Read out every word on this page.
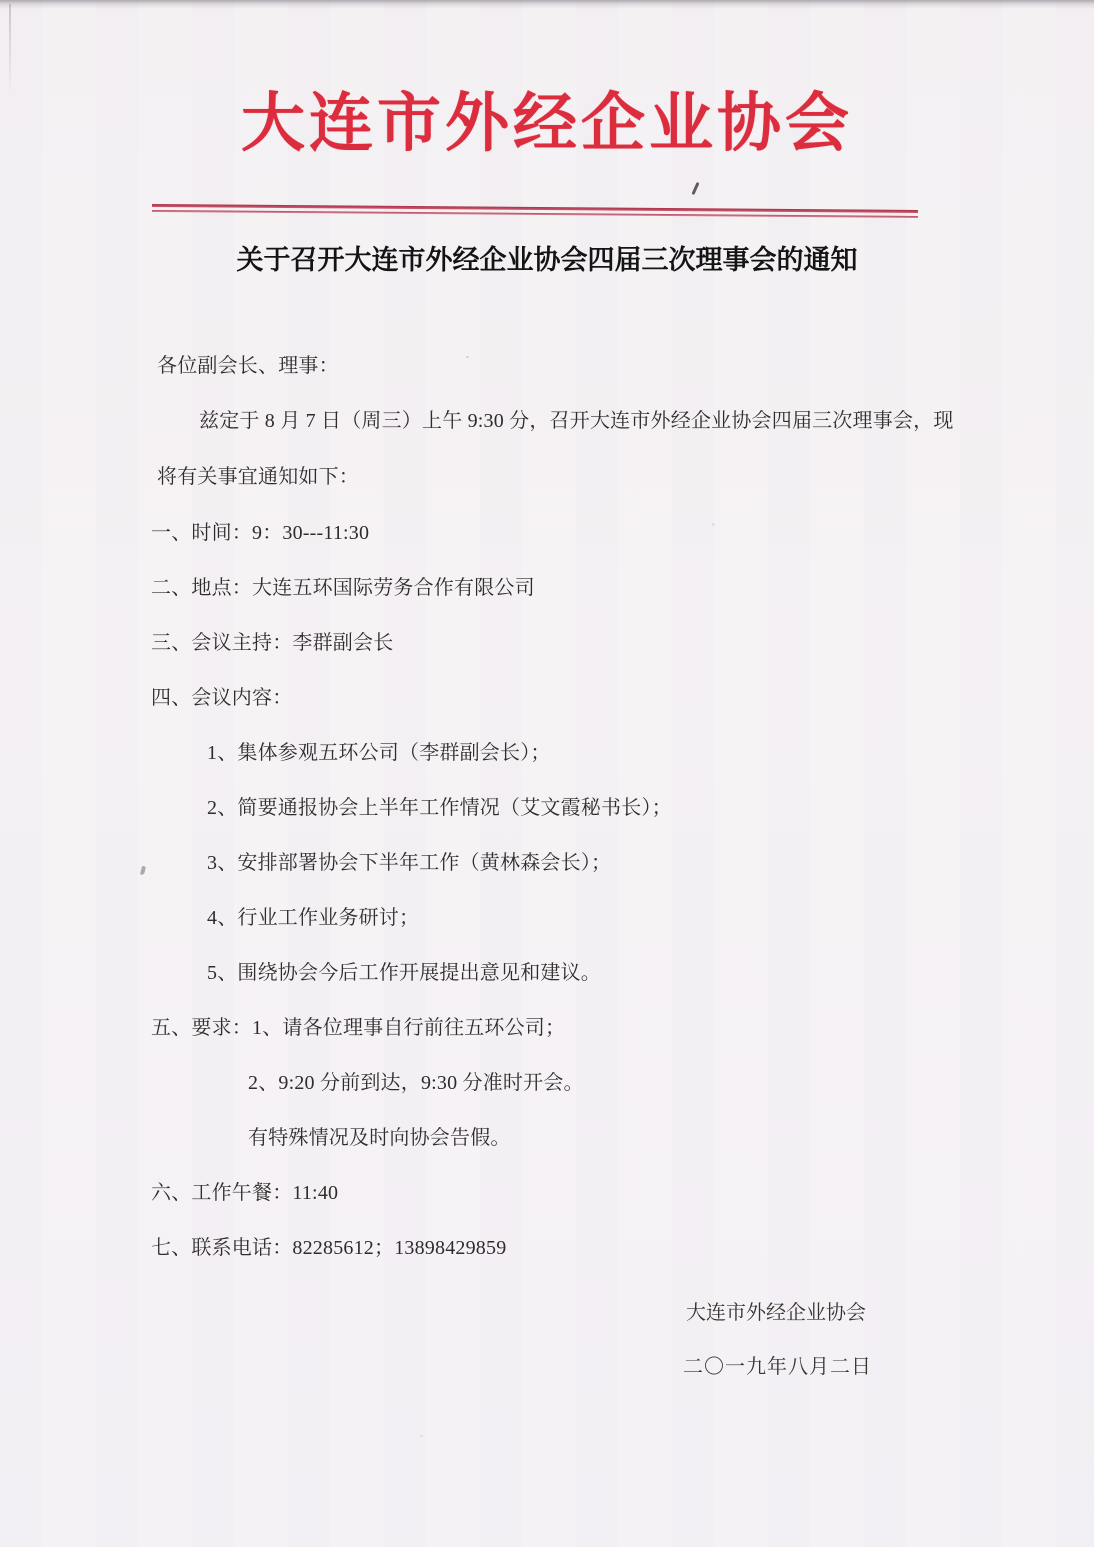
大连市外经企业协会
关于召开大连市外经企业协会四届三次理事会的通知
各位副会长、理事：
兹定于 8 月 7 日（周三）上午 9:30 分，召开大连市外经企业协会四届三次理事会，现
将有关事宜通知如下：
一、时间：9：30---11:30
二、地点：大连五环国际劳务合作有限公司
三、会议主持：李群副会长
四、会议内容：
1、集体参观五环公司（李群副会长）；
2、简要通报协会上半年工作情况（艾文霞秘书长）；
3、安排部署协会下半年工作（黄林森会长）；
4、行业工作业务研讨；
5、围绕协会今后工作开展提出意见和建议。
五、要求：1、请各位理事自行前往五环公司；
2、9:20 分前到达，9:30 分准时开会。
有特殊情况及时向协会告假。
六、工作午餐：11:40
七、联系电话：82285612；13898429859
大连市外经企业协会
二〇一九年八月二日
